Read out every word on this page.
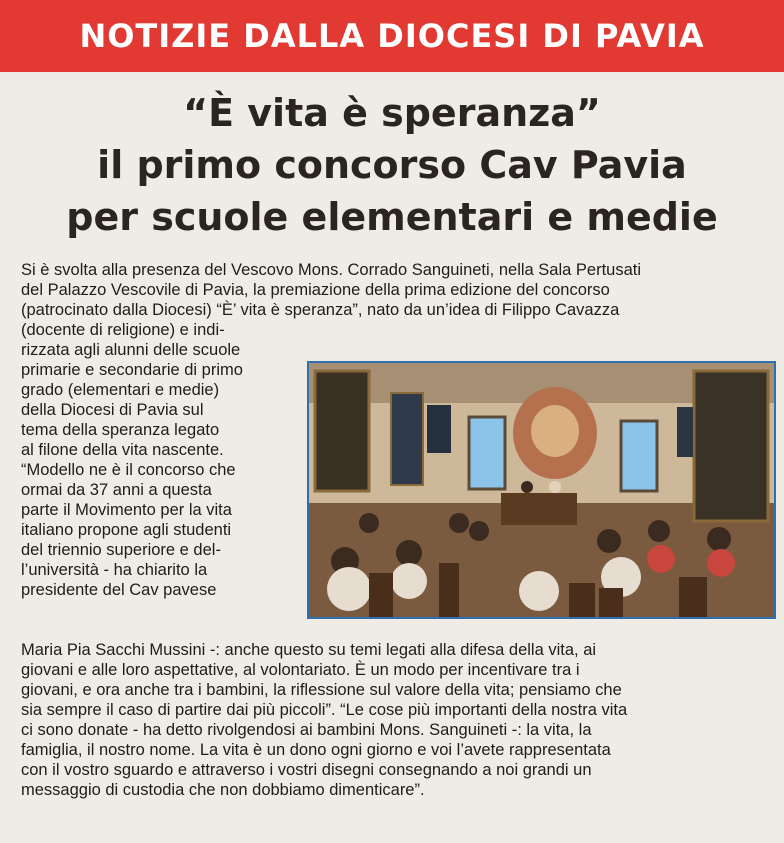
NOTIZIE DALLA DIOCESI DI PAVIA
“È vita è speranza”
il primo concorso Cav Pavia
per scuole elementari e medie
Si è svolta alla presenza del Vescovo Mons. Corrado Sanguineti, nella Sala Pertusati
del Palazzo Vescovile di Pavia, la premiazione della prima edizione del concorso
(patrocinato dalla Diocesi) “È’ vita è speranza”, nato da un’idea di Filippo Cavazza
(docente di religione) e indi-
rizzata agli alunni delle scuole
primarie e secondarie di primo
grado (elementari e medie)
della Diocesi di Pavia sul
tema della speranza legato
al filone della vita nascente.
“Modello ne è il concorso che
ormai da 37 anni a questa
parte il Movimento per la vita
italiano propone agli studenti
del triennio superiore e del-
l’università - ha chiarito la
presidente del Cav pavese
Maria Pia Sacchi Mussini -: anche questo su temi legati alla difesa della vita, ai
giovani e alle loro aspettative, al volontariato. È un modo per incentivare tra i
giovani, e ora anche tra i bambini, la riflessione sul valore della vita; pensiamo che
sia sempre il caso di partire dai più piccoli”. “Le cose più importanti della nostra vita
ci sono donate - ha detto rivolgendosi ai bambini Mons. Sanguineti -: la vita, la
famiglia, il nostro nome. La vita è un dono ogni giorno e voi l’avete rappresentata
con il vostro sguardo e attraverso i vostri disegni consegnando a noi grandi un
messaggio di custodia che non dobbiamo dimenticare”.
